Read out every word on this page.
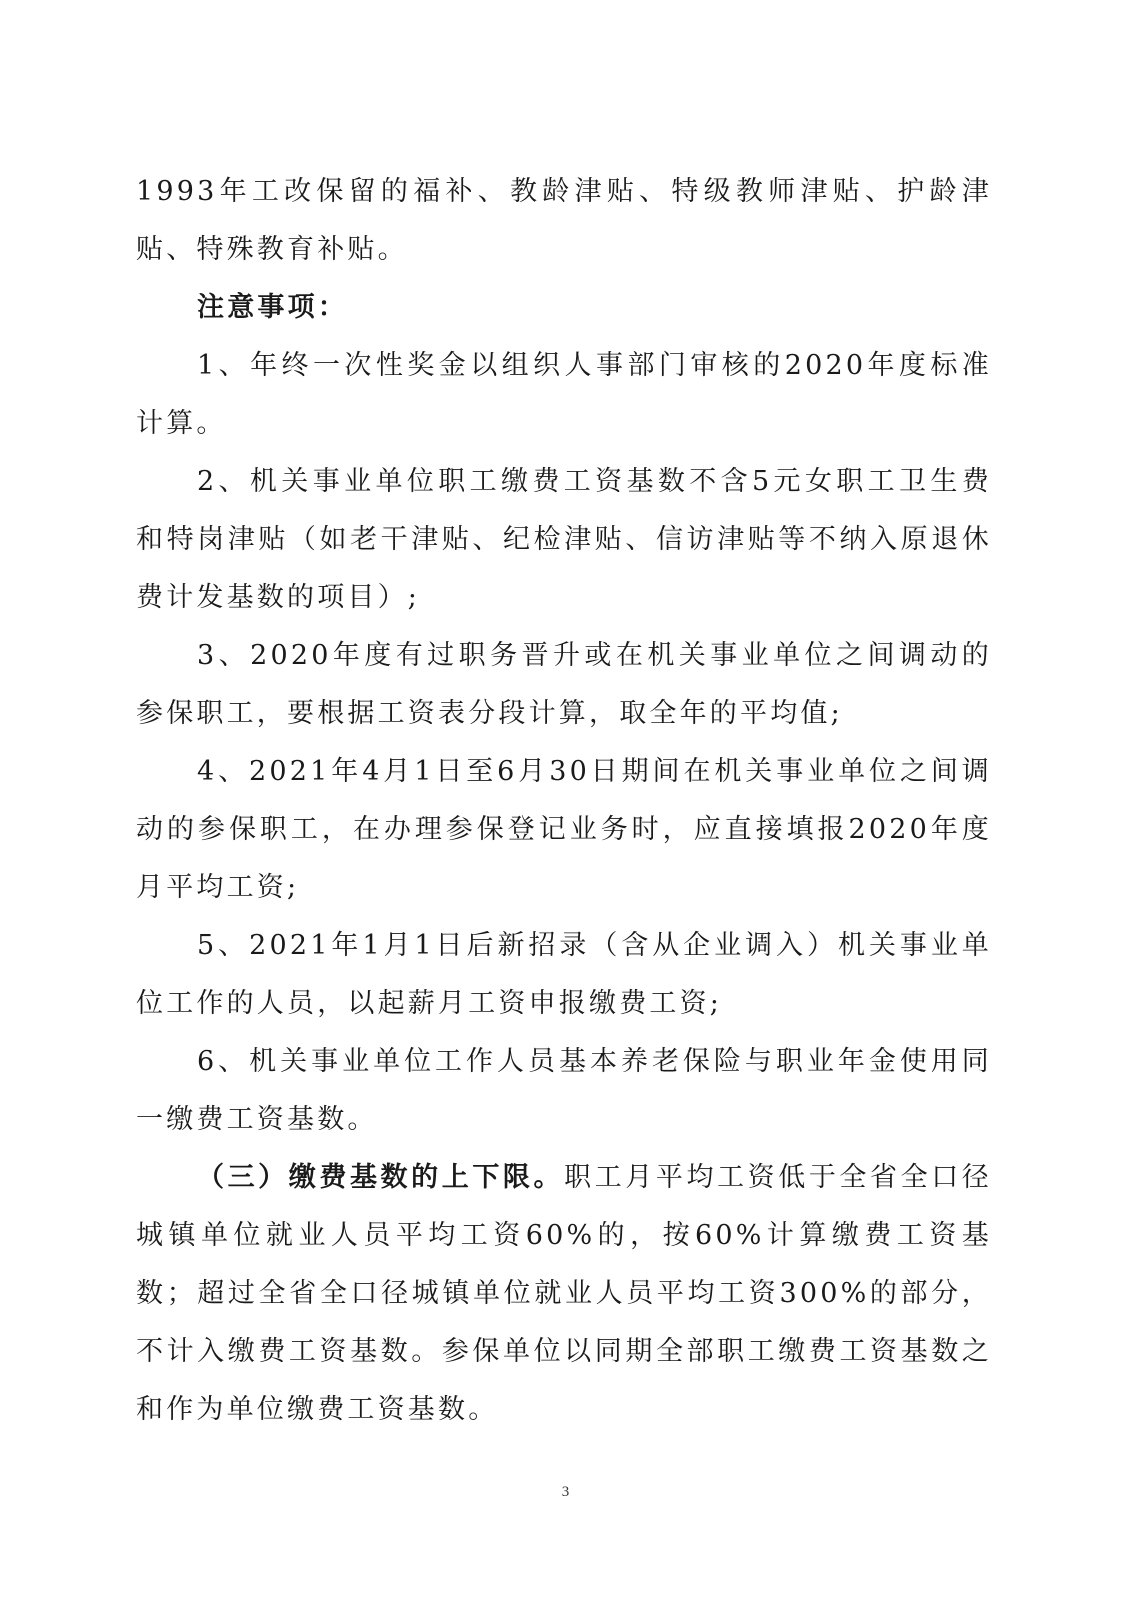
1993年工改保留的福补、教龄津贴、特级教师津贴、护龄津贴、特殊教育补贴。

注意事项：

1、年终一次性奖金以组织人事部门审核的2020年度标准计算。

2、机关事业单位职工缴费工资基数不含5元女职工卫生费和特岗津贴（如老干津贴、纪检津贴、信访津贴等不纳入原退休费计发基数的项目）;

3、2020年度有过职务晋升或在机关事业单位之间调动的参保职工，要根据工资表分段计算，取全年的平均值;

4、2021年4月1日至6月30日期间在机关事业单位之间调动的参保职工，在办理参保登记业务时，应直接填报2020年度月平均工资;

5、2021年1月1日后新招录（含从企业调入）机关事业单位工作的人员，以起薪月工资申报缴费工资;

6、机关事业单位工作人员基本养老保险与职业年金使用同一缴费工资基数。

（三）缴费基数的上下限。职工月平均工资低于全省全口径城镇单位就业人员平均工资60%的，按60%计算缴费工资基数；超过全省全口径城镇单位就业人员平均工资300%的部分，不计入缴费工资基数。参保单位以同期全部职工缴费工资基数之和作为单位缴费工资基数。

3
